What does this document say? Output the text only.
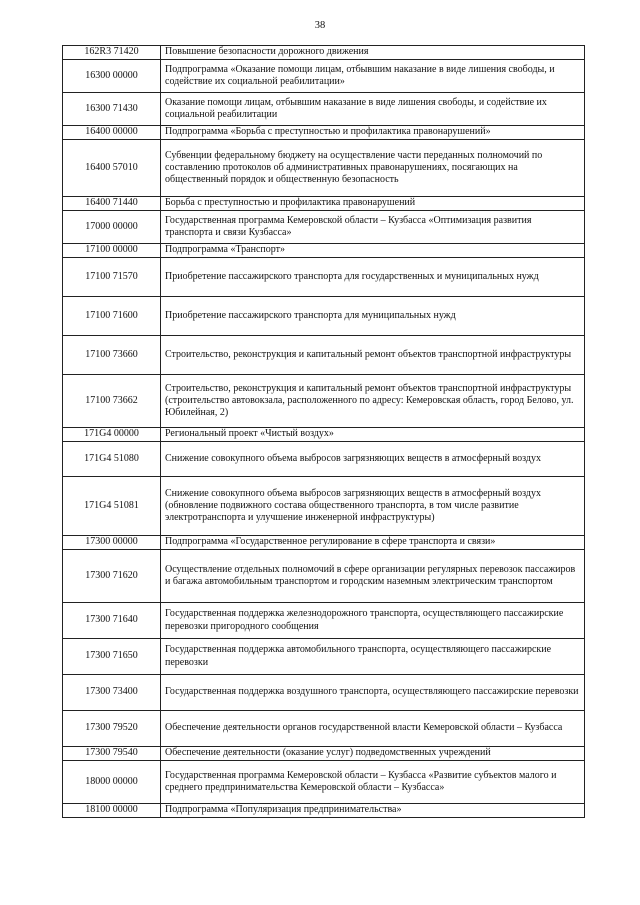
38
162R3 71420	Повышение безопасности дорожного движения
16300 00000	Подпрограмма «Оказание помощи лицам, отбывшим наказание в виде лишения свободы, и содействие их социальной реабилитации»
16300 71430	Оказание помощи лицам, отбывшим наказание в виде лишения свободы, и содействие их социальной реабилитации
16400 00000	Подпрограмма «Борьба с преступностью и профилактика правонарушений»
16400 57010	Субвенции федеральному бюджету на осуществление части переданных полномочий по составлению протоколов об административных правонарушениях, посягающих на общественный порядок и общественную безопасность
16400 71440	Борьба с преступностью и профилактика правонарушений
17000 00000	Государственная программа Кемеровской области – Кузбасса «Оптимизация развития транспорта и связи Кузбасса»
17100 00000	Подпрограмма «Транспорт»
17100 71570	Приобретение пассажирского транспорта для государственных и муниципальных нужд
17100 71600	Приобретение пассажирского транспорта для муниципальных нужд
17100 73660	Строительство, реконструкция и капитальный ремонт объектов транспортной инфраструктуры
17100 73662	Строительство, реконструкция и капитальный ремонт объектов транспортной инфраструктуры (строительство автовокзала, расположенного по адресу: Кемеровская область, город Белово, ул. Юбилейная, 2)
171G4 00000	Региональный проект «Чистый воздух»
171G4 51080	Снижение совокупного объема выбросов загрязняющих веществ в атмосферный воздух
171G4 51081	Снижение совокупного объема выбросов загрязняющих веществ в атмосферный воздух (обновление подвижного состава общественного транспорта, в том числе развитие электротранспорта и улучшение инженерной инфраструктуры)
17300 00000	Подпрограмма «Государственное регулирование в сфере транспорта и связи»
17300 71620	Осуществление отдельных полномочий в сфере организации регулярных перевозок пассажиров и багажа автомобильным транспортом и городским наземным электрическим транспортом
17300 71640	Государственная поддержка железнодорожного транспорта, осуществляющего пассажирские перевозки пригородного сообщения
17300 71650	Государственная поддержка автомобильного транспорта, осуществляющего пассажирские перевозки
17300 73400	Государственная поддержка воздушного транспорта, осуществляющего пассажирские перевозки
17300 79520	Обеспечение деятельности органов государственной власти Кемеровской области – Кузбасса
17300 79540	Обеспечение деятельности (оказание услуг) подведомственных учреждений
18000 00000	Государственная программа Кемеровской области – Кузбасса «Развитие субъектов малого и среднего предпринимательства Кемеровской области – Кузбасса»
18100 00000	Подпрограмма «Популяризация предпринимательства»
